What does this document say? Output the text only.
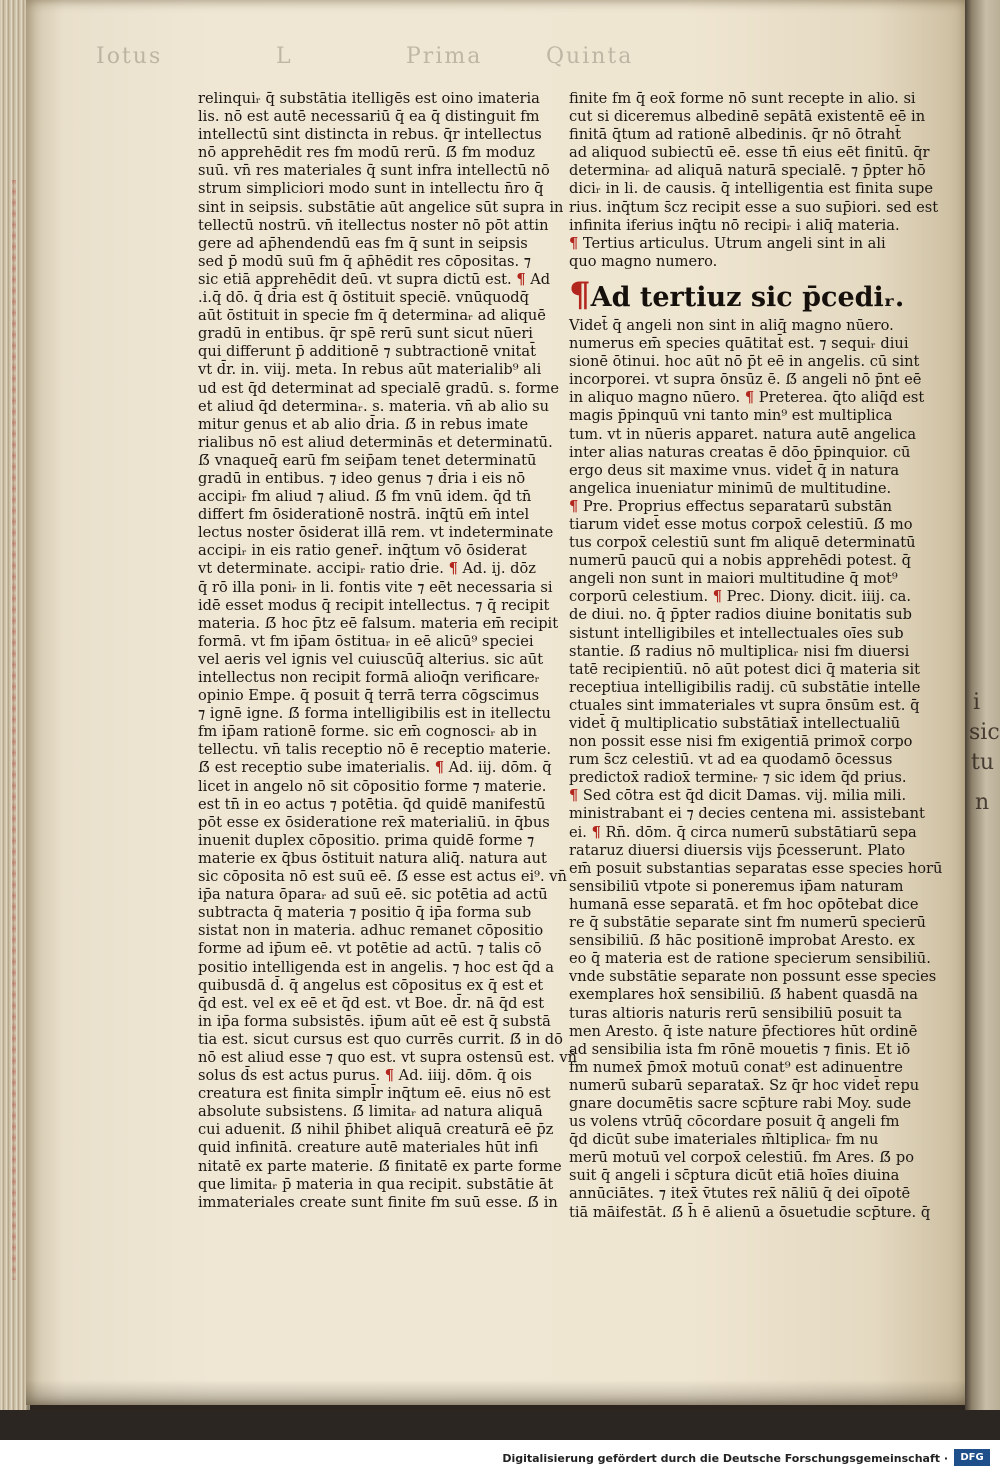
Iotus	Prima	Quinta
L
i
sic
tu
n
relinquiᵣ q̄ substātia itelligēs est oino imateria
lis. nō est autē necessariū q̄ ea q̄ distinguit fm
intellectū sint distincta in rebus. q̄r intellectus
nō apprehēdit res fm modū rerū. ẞ fm moduz
suū. vn̄ res materiales q̄ sunt infra intellectū nō
strum simpliciori modo sunt in intellectu n̄ro q̄
sint in seipsis. substātie aūt angelice sūt supra in
tellectū nostrū. vn̄ itellectus noster nō pōt attin
gere ad ap̄hendendū eas fm q̄ sunt in seipsis
sed p̄ modū suū fm q̄ ap̄hēdit res cōpositas. ⁊
sic etiā apprehēdit deū. vt supra dictū est. ¶ Ad
.i.q̄ dō. q̄ d̄ria est q̄ ōstituit speciē. vnūquodq̄
aūt ōstituit in specie fm q̄ determinaᵣ ad aliquē
gradū in entibus. q̄r spē rerū sunt sicut nūeri
qui differunt p̄ additionē ⁊ subtractionē vnitat̄
vt d̄r. in. viij. meta. In rebus aūt materialib⁹ ali
ud est q̄d determinat ad specialē gradū. s. forme
et aliud q̄d determinaᵣ. s. materia. vn̄ ab alio su
mitur genus et ab alio d̄ria. ẞ in rebus imate
rialibus nō est aliud determinās et determinatū.
ẞ vnaqueq̄ earū fm seip̄am tenet determinatū
gradū in entibus. ⁊ ideo genus ⁊ d̄ria i eis nō
accipiᵣ fm aliud ⁊ aliud. ẞ fm vnū idem. q̄d tn̄
differt fm ōsiderationē nostrā. inq̄tū em̄ intel
lectus noster ōsiderat illā rem. vt indeterminate
accipiᵣ in eis ratio gener̄. inq̄tum vō ōsiderat
vt determinate. accipiᵣ ratio d̄rie. ¶ Ad. ij. dōz
q̄ rō illa poniᵣ in li. fontis vite ⁊ eēt necessaria si
idē esset modus q̄ recipit intellectus. ⁊ q̄ recipit
materia. ẞ hoc p̄tz eē falsum. materia em̄ recipit
formā. vt fm ip̄am ōstituaᵣ in eē alicū⁹ speciei
vel aeris vel ignis vel cuiuscūq̄ alterius. sic aūt
intellectus non recipit formā alioq̄n verificareᵣ
opinio Empe. q̄ posuit q̄ terrā terra cōgscimus
⁊ ignē igne. ẞ forma intelligibilis est in itellectu
fm ip̄am rationē forme. sic em̄ cognosciᵣ ab in
tellectu. vn̄ talis receptio nō ē receptio materie.
ẞ est receptio sube imaterialis. ¶ Ad. iij. dōm. q̄
licet in angelo nō sit cōpositio forme ⁊ materie.
est tn̄ in eo actus ⁊ potētia. q̄d quidē manifestū
pōt esse ex ōsideratione rex̄ materialiū. in q̄bus
inuenit duplex cōpositio. prima quidē forme ⁊
materie ex q̄bus ōstituit natura aliq̄. natura aut
sic cōposita nō est suū eē. ẞ esse est actus ei⁹. vn̄
ip̄a natura ōparaᵣ ad suū eē. sic potētia ad actū
subtracta q̄ materia ⁊ positio q̄ ip̄a forma sub
sistat non in materia. adhuc remanet cōpositio
forme ad ip̄um eē. vt potētie ad actū. ⁊ talis cō
positio intelligenda est in angelis. ⁊ hoc est q̄d a
quibusdā d̄. q̄ angelus est cōpositus ex q̄ est et
q̄d est. vel ex eē et q̄d est. vt Boe. d̄r. nā q̄d est
in ip̄a forma subsistēs. ip̄um aūt eē est q̄ substā
tia est. sicut cursus est quo currēs currit. ẞ in dō
nō est aliud esse ⁊ quo est. vt supra ostensū est. vn̄
solus d̄s est actus purus. ¶ Ad. iiij. dōm. q̄ ois
creatura est finita simpl̄r inq̄tum eē. eius nō est
absolute subsistens. ẞ limitaᵣ ad natura aliquā
cui aduenit. ẞ nihil p̄hibet aliquā creaturā eē p̄z
quid infinitā. creature autē materiales hūt infi
nitatē ex parte materie. ẞ finitatē ex parte forme
que limitaᵣ p̄ materia in qua recipit. substātie āt
immateriales create sunt finite fm suū esse. ẞ in
finite fm q̄ eox̄ forme nō sunt recepte in alio. si
cut si diceremus albedinē sepātā existentē eē in
finitā q̄tum ad rationē albedinis. q̄r nō ōtraht̄
ad aliquod subiectū eē. esse tn̄ eius eēt finitū. q̄r
determinaᵣ ad aliquā naturā specialē. ⁊ p̄pter hō
diciᵣ in li. de causis. q̄ intelligentia est finita supe
rius. inq̄tum s̄cz recipit esse a suo sup̄iori. sed est
infinita iferius inq̄tu nō recipiᵣ i aliq̄ materia.
¶ Tertius articulus. Utrum angeli sint in ali
quo magno numero.
¶Ad tertiuz sic p̄cediᵣ.
Videt̄ q̄ angeli non sint in aliq̄ magno nūero.
numerus em̄ species quātitat̄ est. ⁊ sequiᵣ diui
sionē ōtinui. hoc aūt nō p̄t eē in angelis. cū sint
incorporei. vt supra ōnsūz ē. ẞ angeli nō p̄nt eē
in aliquo magno nūero. ¶ Preterea. q̄to aliq̄d est
magis p̄pinquū vni tanto min⁹ est multiplica
tum. vt in nūeris apparet. natura autē angelica
inter alias naturas creatas ē dōo p̄pinquior. cū
ergo deus sit maxime vnus. videt̄ q̄ in natura
angelica inueniatur minimū de multitudine.
¶ Pre. Proprius effectus separatarū substān
tiarum videt̄ esse motus corpox̄ celestiū. ẞ mo
tus corpox̄ celestiū sunt fm aliquē determinatū
numerū paucū qui a nobis apprehēdi potest. q̄
angeli non sunt in maiori multitudine q̄ mot⁹
corporū celestium. ¶ Prec. Diony. dicit. iiij. ca.
de diui. no. q̄ p̄pter radios diuine bonitatis sub
sistunt intelligibiles et intellectuales oīes sub
stantie. ẞ radius nō multiplicaᵣ nisi fm diuersi
tatē recipientiū. nō aūt potest dici q̄ materia sit
receptiua intelligibilis radij. cū substātie intelle
ctuales sint immateriales vt supra ōnsūm est. q̄
videt̄ q̄ multiplicatio substātiax̄ intellectualiū
non possit esse nisi fm exigentiā primox̄ corpo
rum s̄cz celestiū. vt ad ea quodamō ōcessus
predictox̄ radiox̄ termineᵣ ⁊ sic idem q̄d prius.
¶ Sed cōtra est q̄d dicit Damas. vij. milia mili.
ministrabant ei ⁊ decies centena mi. assistebant
ei. ¶ Rn̄. dōm. q̄ circa numerū substātiarū sepa
rataruz diuersi diuersis vijs p̄cesserunt. Plato
em̄ posuit substantias separatas esse species horū
sensibiliū vtpote si poneremus ip̄am naturam
humanā esse separatā. et fm hoc opōtebat dice
re q̄ substātie separate sint fm numerū specierū
sensibiliū. ẞ hāc positionē improbat Aresto. ex
eo q̄ materia est de ratione specierum sensibiliū.
vnde substātie separate non possunt esse species
exemplares hox̄ sensibiliū. ẞ habent quasdā na
turas altioris naturis rerū sensibiliū posuit ta
men Aresto. q̄ iste nature p̄fectiores hūt ordinē
ad sensibilia ista fm rōnē mouetis ⁊ finis. Et iō
fm numex̄ p̄mox̄ motuū conat⁹ est adinuentre
numerū subarū separatax̄. Sz q̄r hoc videt̄ repu
gnare documētis sacre scp̄ture rabi Moy. sude
us volens vtrūq̄ cōcordare posuit q̄ angeli fm
q̄d dicūt sube imateriales m̄ltiplicaᵣ fm nu
merū motuū vel corpox̄ celestiū. fm Ares. ẞ po
suit q̄ angeli i sc̄ptura dicūt etiā hoīes diuina
annūciātes. ⁊ itex̄ v̄tutes rex̄ nāliū q̄ dei oīpotē
tiā māifestāt. ẞ h̄ ē alienū a ōsuetudie scp̄ture. q̄
Digitalisierung gefördert durch die Deutsche Forschungsgemeinschaft ·	DFG
